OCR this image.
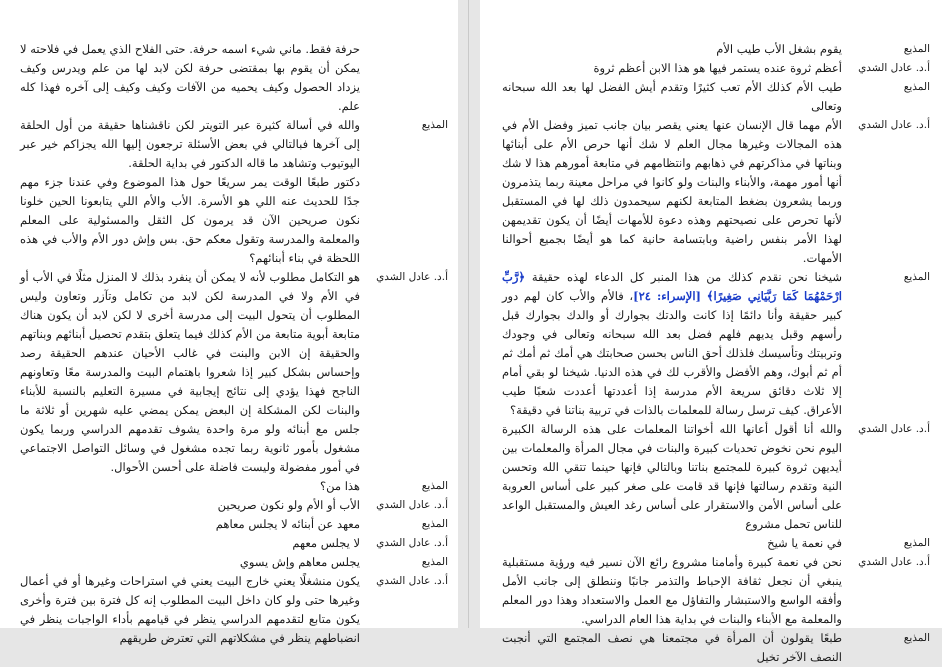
حرفة فقط. ماني شيء اسمه حرفة. حتى الفلاح الذي يعمل في فلاحته لا يمكن أن يقوم بها بمقتضى حرفة لكن لابد لها من علم ويدرس وكيف يزداد الحصول وكيف يحميه من الآفات وكيف وكيف إلى آخره فهذا كله علم.

والله في أسالة كثيرة عبر التويتر لكن ناقشناها حقيقة من أول الحلقة إلى آخرها فبالتالي في بعض الأسئلة ترجعون إليها الله يجزاكم خير عبر اليوتيوب وتشاهد ما قاله الدكتور في بداية الحلقة.
دكتور طبعًا الوقت يمر سريعًا حول هذا الموضوع وفي عندنا جزء مهم جدًا للحديث عنه اللي هو الأسرة. الأب والأم اللي يتابعونا الحين خلونا نكون صريحين الآن قد يرمون كل الثقل والمسئولية على المعلم والمعلمة والمدرسة وتقول معكم حق. بس وإش دور الأم والأب في هذه اللحظة في بناء أبنائهم؟

المذيع

هو التكامل مطلوب لأنه لا يمكن أن ينفرد بذلك لا المنزل مثلًا في الأب أو في الأم ولا في المدرسة لكن لابد من تكامل وتآزر وتعاون وليس المطلوب أن يتحول البيت إلى مدرسة أخرى لا لكن لابد أن يكون هناك متابعة أبوية متابعة من الأم كذلك فيما يتعلق بتقدم تحصيل أبنائهم وبناتهم والحقيقة إن الابن والبنت في غالب الأحيان عندهم الحقيقة رصد وإحساس بشكل كبير إذا شعروا باهتمام البيت والمدرسة معًا وتعاونهم الناجح فهذا يؤدي إلى نتائج إيجابية في مسيرة التعليم بالنسبة للأبناء والبنات لكن المشكلة إن البعض يمكن يمضي عليه شهرين أو ثلاثة ما جلس مع أبنائه ولو مرة واحدة يشوف تقدمهم الدراسي وربما يكون مشغول بأمور ثانوية ربما تجده مشغول في وسائل التواصل الاجتماعي في أمور مفضولة وليست فاضلة على أحسن الأحوال.

أ.د. عادل الشدي

هذا من؟	المذيع

الأب أو الأم ولو نكون صريحين	أ.د. عادل الشدي

معهد عن أبنائه لا يجلس معاهم	المذيع

لا يجلس معهم	أ.د. عادل الشدي

يجلس معاهم وإش يسوي	المذيع

يكون منشغلًا يعني خارج البيت يعني في استراحات وغيرها أو في أعمال وغيرها حتى ولو كان داخل البيت المطلوب إنه كل فترة بين فترة وأخرى يكون متابع لتقدمهم الدراسي ينظر في قيامهم بأداء الواجبات ينظر في انضباطهم ينظر في مشكلاتهم التي تعترض طريقهم

أ.د. عادل الشدي

يقوم بشغل الأب طيب الأم	المذيع

أعظم ثروة عنده يستمر فيها هو هذا الابن أعظم ثروة	أ.د. عادل الشدي

طيب الأم كذلك الأم تعب كثيرًا وتقدم أيش الفضل لها بعد الله سبحانه وتعالى

المذيع

الأم مهما قال الإنسان عنها يعني يقصر بيان جانب تميز وفضل الأم في هذه المجالات وغيرها مجال العلم لا شك أنها حرص الأم على أبنائها وبناتها في مذاكرتهم في ذهابهم وانتظامهم في متابعة أمورهم هذا لا شك أنها أمور مهمة، والأبناء والبنات ولو كانوا في مراحل معينة ربما يتذمرون وربما يشعرون بضغط المتابعة لكنهم سيحمدون ذلك لها في المستقبل لأنها تحرص على نصيحتهم وهذه دعوة للأمهات أيضًا أن يكون تقديمهن لهذا الأمر بنفس راضية وبابتسامة حانية كما هو أيضًا بجميع أحوالنا الأمهات.

أ.د. عادل الشدي

شيخنا نحن نقدم كذلك من هذا المنبر كل الدعاء لهذه حقيقة ﴿رَّبِّ ارْحَمْهُمَا كَمَا رَبَّيَانِي صَغِيرًا﴾ [الإسراء: ٢٤]، فالأم والأب كان لهم دور كبير حقيقة وأنا دائمًا إذا كانت والدتك بجوارك أو والدك بجوارك قبل رأسهم وقبل يديهم فلهم فضل بعد الله سبحانه وتعالى في وجودك وتربيتك وتأسيسك فلذلك أحق الناس بحسن صحابتك هي أمك ثم أمك ثم أم ثم أبوك، وهم الأفضل والأقرب لك في هذه الدنيا. شيخنا لو بقي أمام إلا ثلاث دقائق سريعة الأم مدرسة إذا أعددتها أعددت شعبًا طيب الأعراق. كيف ترسل رسالة للمعلمات بالذات في تربية بناتنا في دقيقة؟

المذيع

والله أنا أقول أعانها الله أخواتنا المعلمات على هذه الرسالة الكبيرة اليوم نحن نخوض تحديات كبيرة والبنات في مجال المرأة والمعلمات بين أيديهن ثروة كبيرة للمجتمع بناتنا وبالتالي فإنها حينما تتقي الله وتحسن النية وتقدم رسالتها فإنها قد قامت على صغر كبير على أساس العروبة على أساس الأمن والاستقرار على أساس رغد العيش والمستقبل الواعد للناس تحمل مشروع

أ.د. عادل الشدي

في نعمة يا شيخ	المذيع

نحن في نعمة كبيرة وأمامنا مشروع رائع الآن نسير فيه ورؤية مستقبلية ينبغي أن نجعل ثقافة الإحباط والتذمر جانبًا وننطلق إلى جانب الأمل وأفقه الواسع والاستبشار والتفاؤل مع العمل والاستعداد وهذا دور المعلم والمعلمة مع الأبناء والبنات في بداية هذا العام الدراسي.

أ.د. عادل الشدي

طبعًا يقولون أن المرأة في مجتمعنا هي نصف المجتمع التي أنجبت النصف الآخر تخيل

المذيع
